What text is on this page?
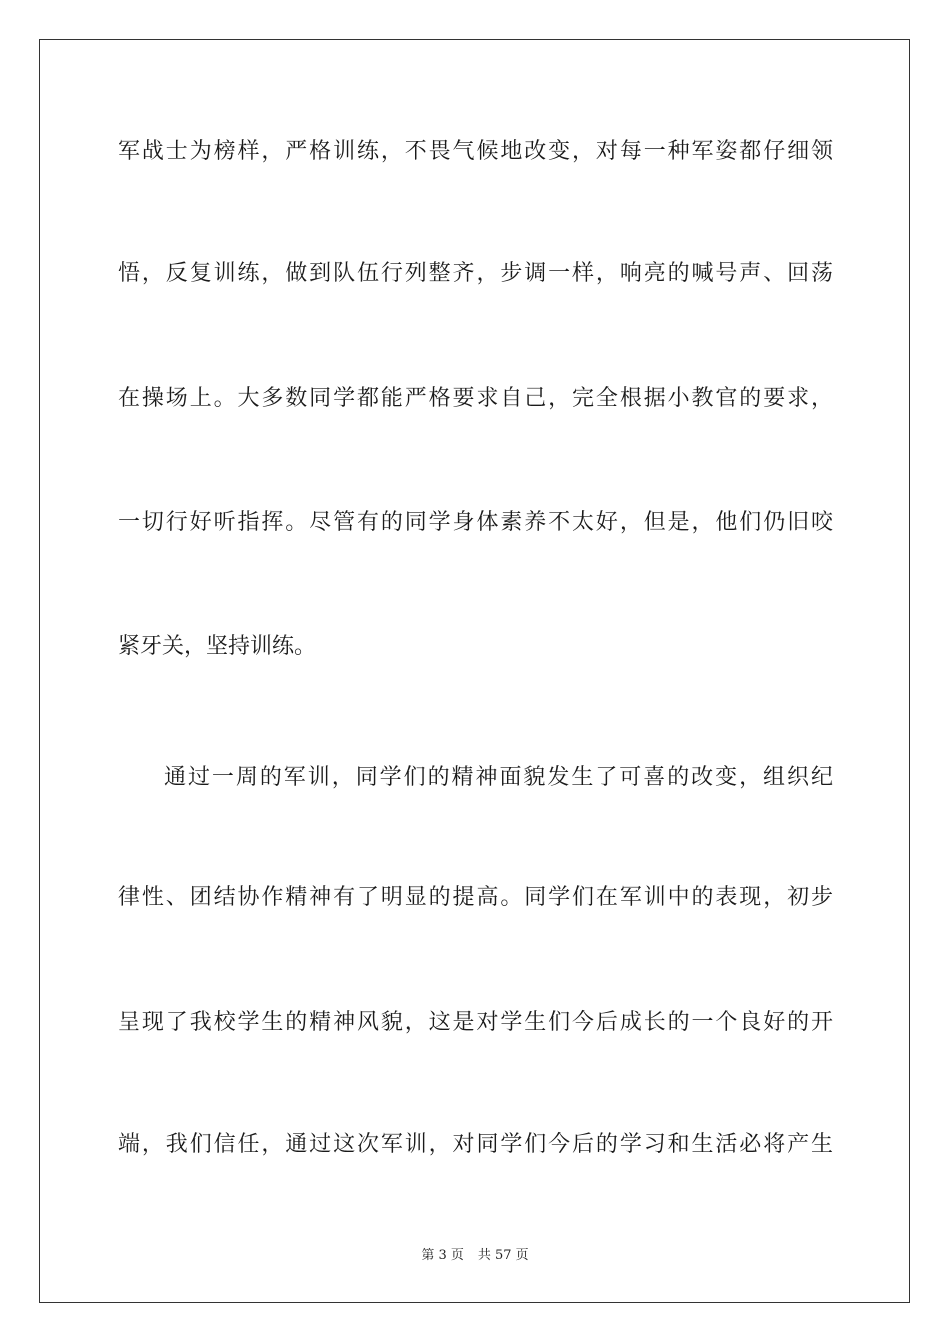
军战士为榜样，严格训练，不畏气候地改变，对每一种军姿都仔细领
悟，反复训练，做到队伍行列整齐，步调一样，响亮的喊号声、回荡
在操场上。大多数同学都能严格要求自己，完全根据小教官的要求，
一切行好听指挥。尽管有的同学身体素养不太好，但是，他们仍旧咬
紧牙关，坚持训练。
通过一周的军训，同学们的精神面貌发生了可喜的改变，组织纪
律性、团结协作精神有了明显的提高。同学们在军训中的表现，初步
呈现了我校学生的精神风貌，这是对学生们今后成长的一个良好的开
端，我们信任，通过这次军训，对同学们今后的学习和生活必将产生
第 3 页 共 57 页
